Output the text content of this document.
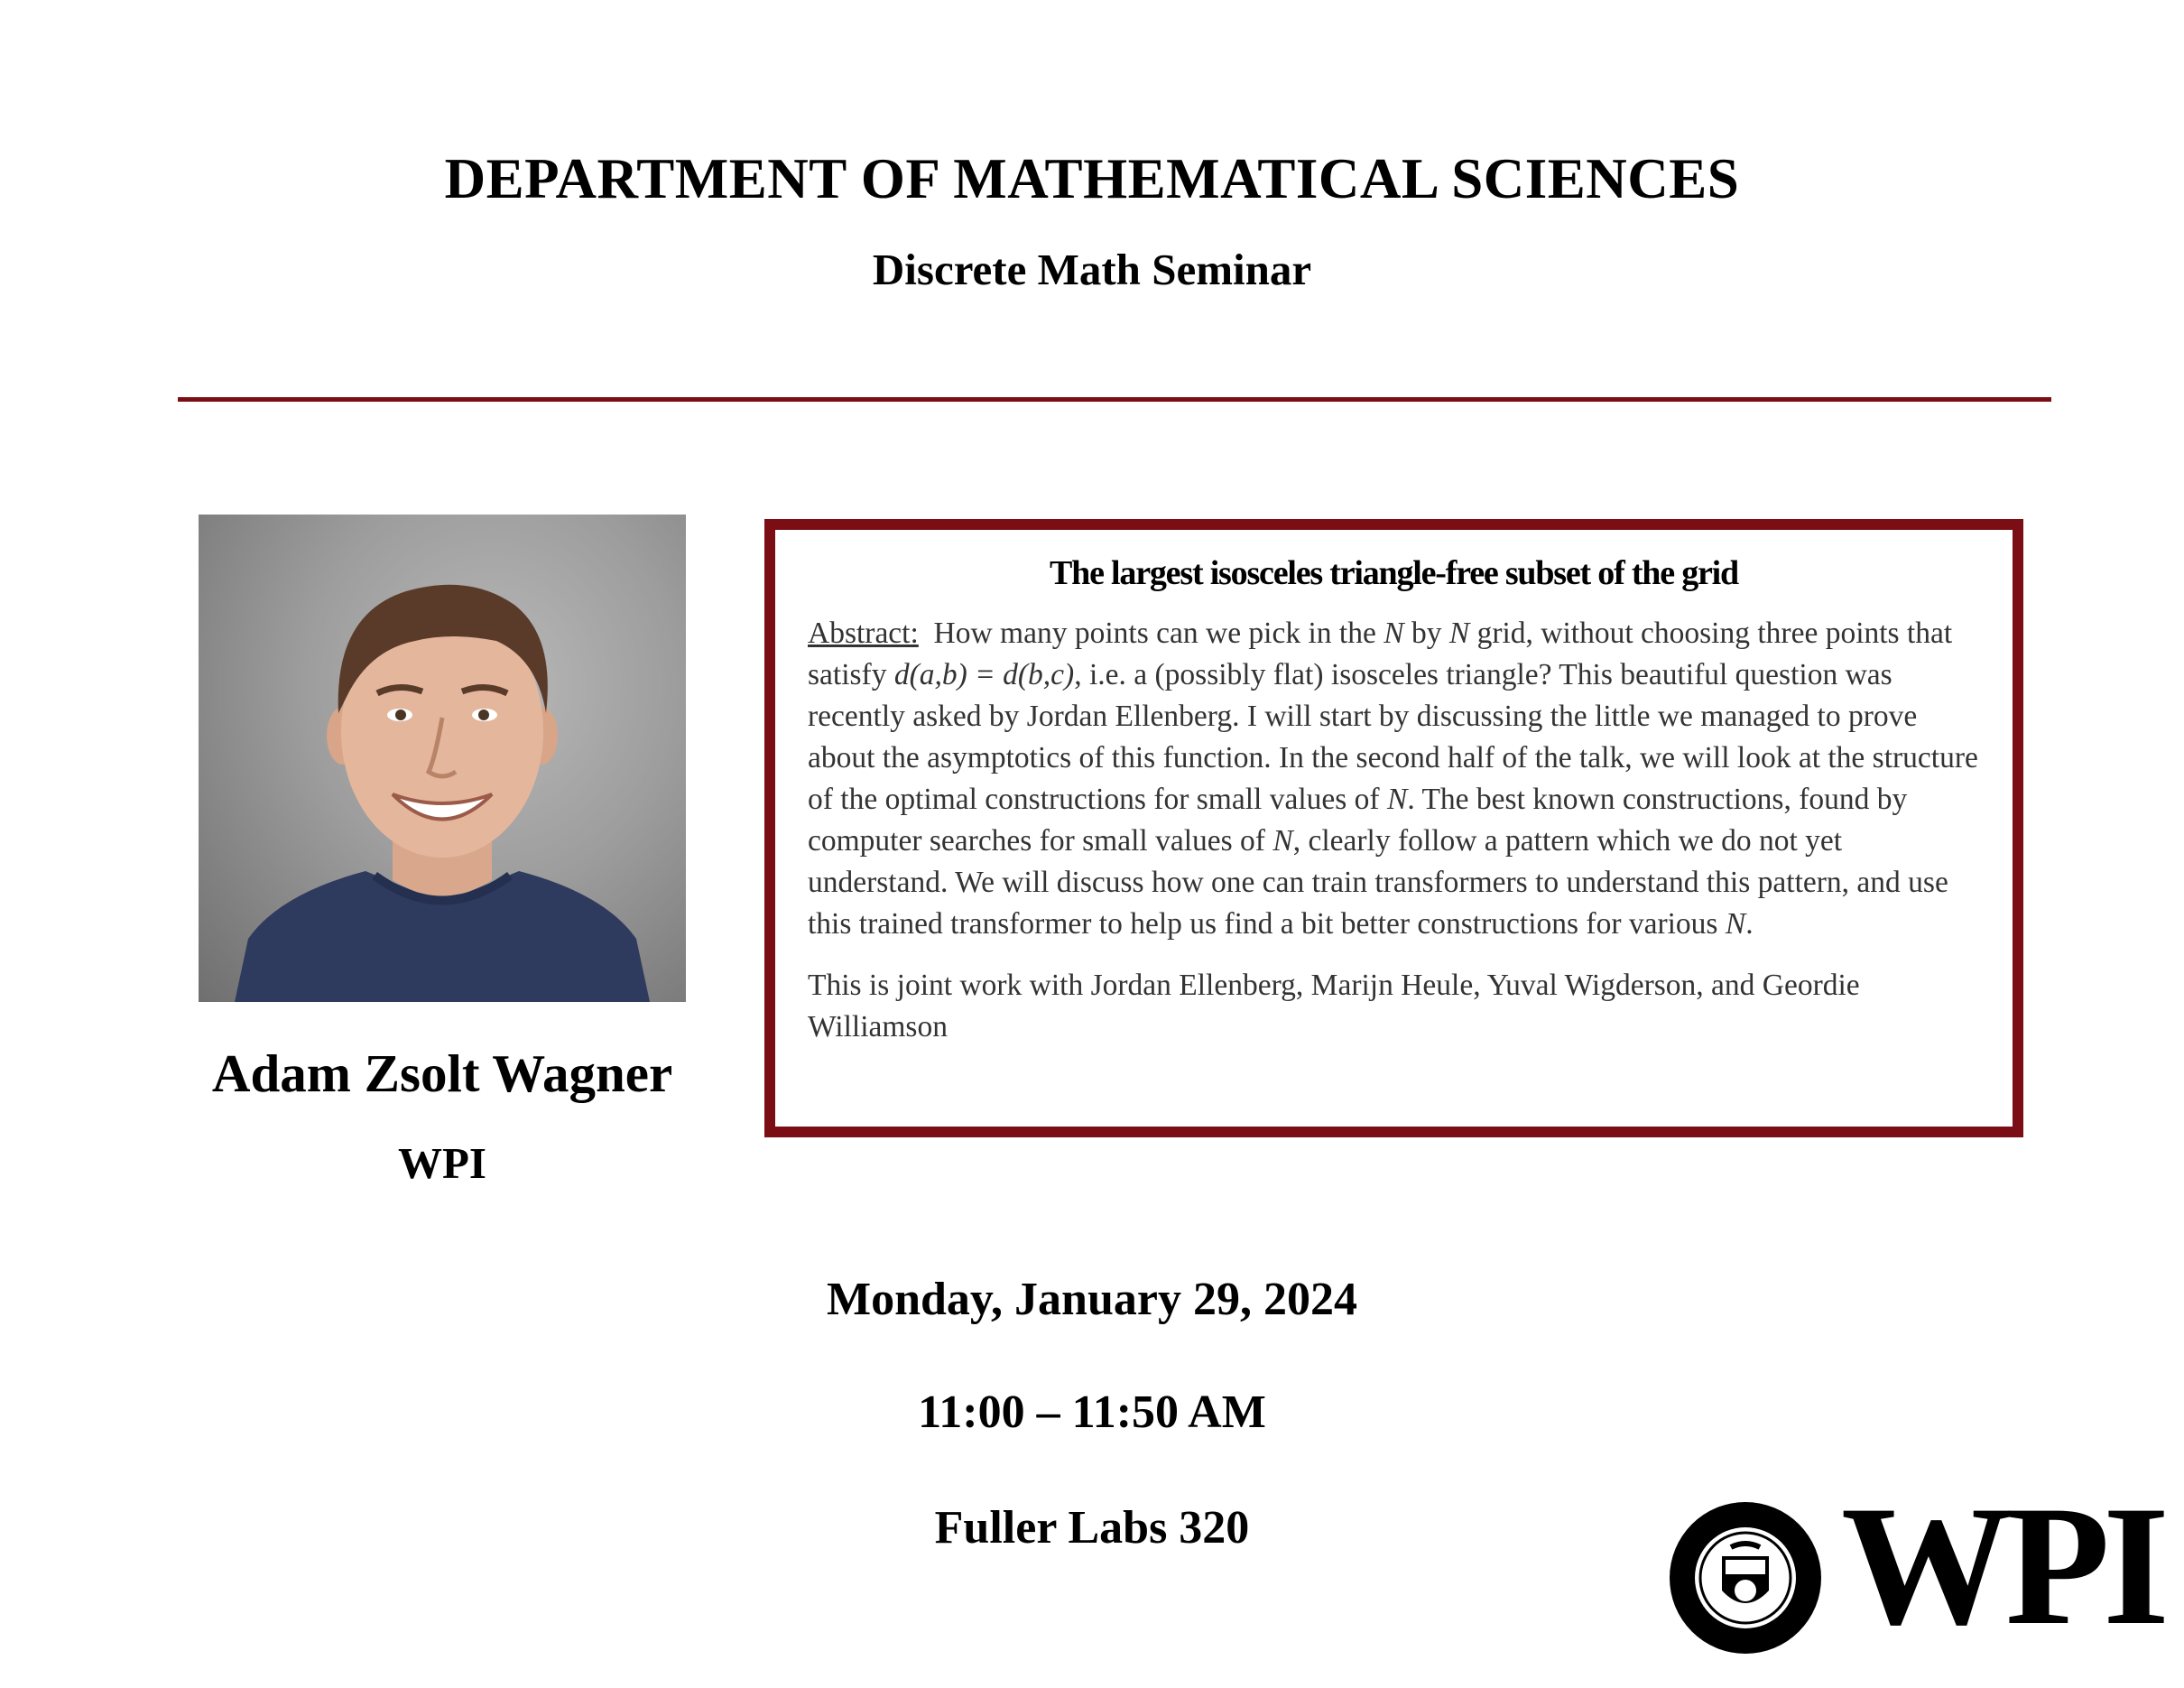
DEPARTMENT OF MATHEMATICAL SCIENCES
Discrete Math Seminar
Adam Zsolt Wagner
WPI
The largest isosceles triangle-free subset of the grid

Abstract: How many points can we pick in the N by N grid, without choosing three points that satisfy d(a,b) = d(b,c), i.e. a (possibly flat) isosceles triangle? This beautiful question was recently asked by Jordan Ellenberg. I will start by discussing the little we managed to prove about the asymptotics of this function. In the second half of the talk, we will look at the structure of the optimal constructions for small values of N. The best known constructions, found by computer searches for small values of N, clearly follow a pattern which we do not yet understand. We will discuss how one can train transformers to understand this pattern, and use this trained transformer to help us find a bit better constructions for various N.

This is joint work with Jordan Ellenberg, Marijn Heule, Yuval Wigderson, and Geordie Williamson

Monday, January 29, 2024
11:00 – 11:50 AM
Fuller Labs 320	WPI
